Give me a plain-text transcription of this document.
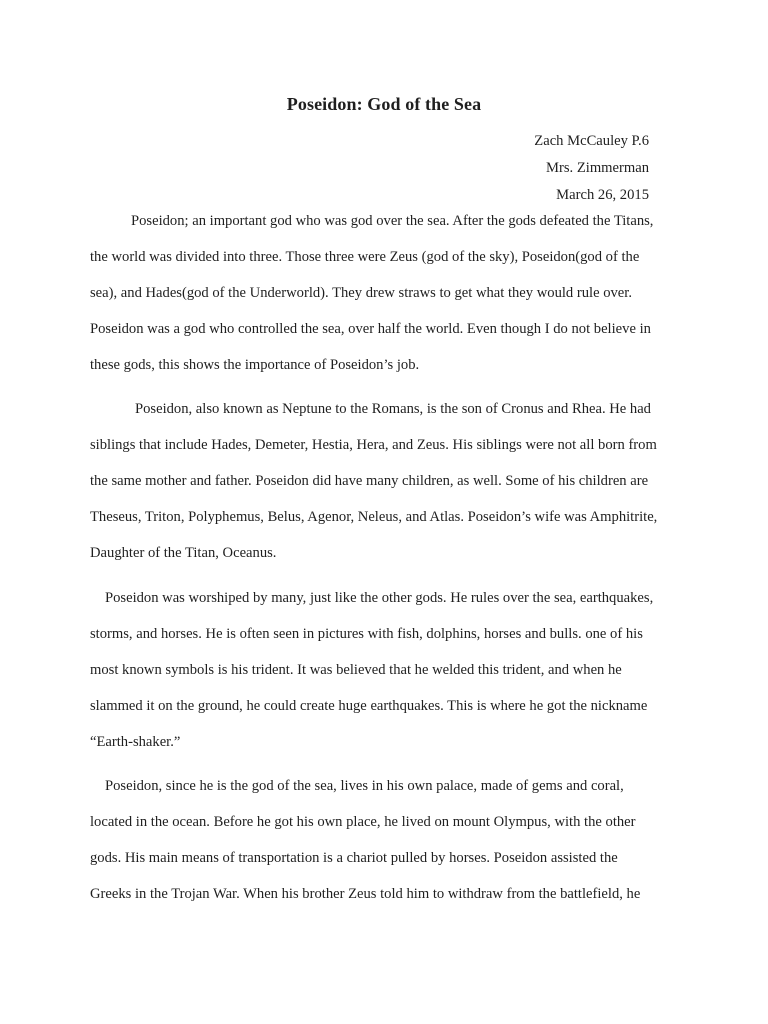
Poseidon: God of the Sea
Zach McCauley P.6
Mrs. Zimmerman
March 26, 2015
Poseidon; an important god who was god over the sea. After the gods defeated the Titans,
the world was divided into three. Those three were Zeus (god of the sky), Poseidon(god of the
sea), and Hades(god of the Underworld). They drew straws to get what they would rule over.
Poseidon was a god who controlled the sea, over half the world. Even though I do not believe in
these gods, this shows the importance of Poseidon’s job.
Poseidon, also known as Neptune to the Romans, is the son of Cronus and Rhea. He had
siblings that include Hades, Demeter, Hestia, Hera, and Zeus. His siblings were not all born from
the same mother and father. Poseidon did have many children, as well. Some of his children are
Theseus, Triton, Polyphemus, Belus, Agenor, Neleus, and Atlas. Poseidon’s wife was Amphitrite,
Daughter of the Titan, Oceanus.
Poseidon was worshiped by many, just like the other gods. He rules over the sea, earthquakes,
storms, and horses. He is often seen in pictures with fish, dolphins, horses and bulls. one of his
most known symbols is his trident. It was believed that he welded this trident, and when he
slammed it on the ground, he could create huge earthquakes. This is where he got the nickname
“Earth-shaker.”
Poseidon, since he is the god of the sea, lives in his own palace, made of gems and coral,
located in the ocean. Before he got his own place, he lived on mount Olympus, with the other
gods. His main means of transportation is a chariot pulled by horses. Poseidon assisted the
Greeks in the Trojan War. When his brother Zeus told him to withdraw from the battlefield, he
